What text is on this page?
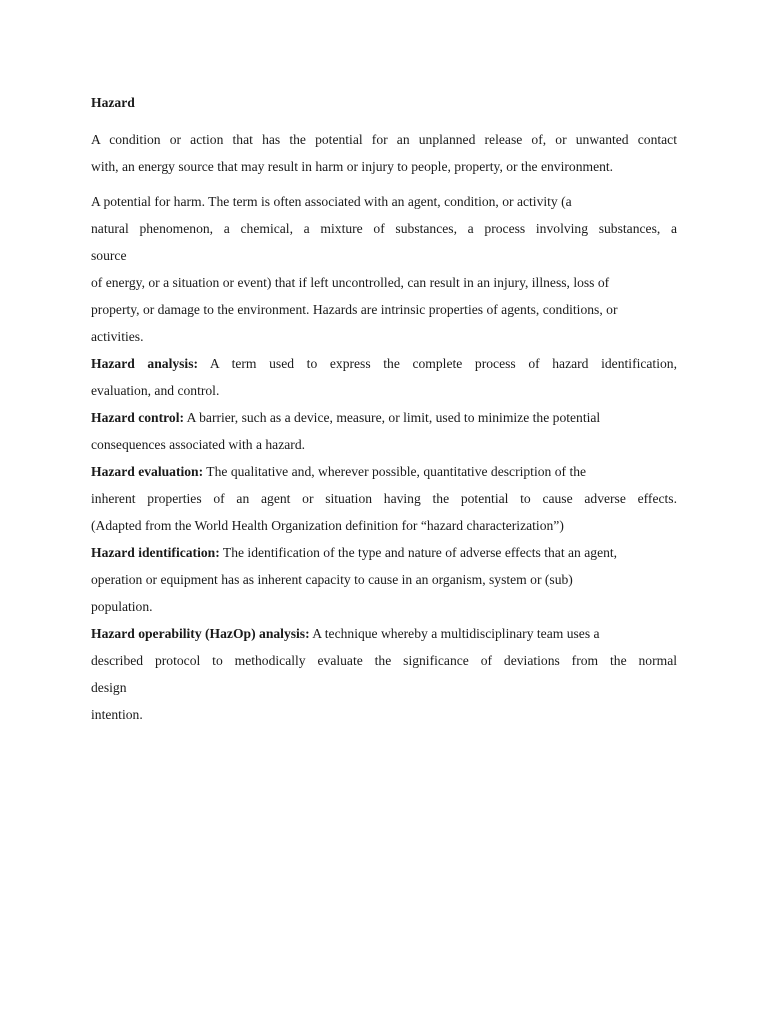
Hazard
A condition or action that has the potential for an unplanned release of, or unwanted contact
with, an energy source that may result in harm or injury to people, property, or the environment.
A potential for harm. The term is often associated with an agent, condition, or activity (a
natural phenomenon, a chemical, a mixture of substances, a process involving substances, a
source
of energy, or a situation or event) that if left uncontrolled, can result in an injury, illness, loss of
property, or damage to the environment. Hazards are intrinsic properties of agents, conditions, or
activities.
Hazard analysis: A term used to express the complete process of hazard identification,
evaluation, and control.
Hazard control: A barrier, such as a device, measure, or limit, used to minimize the potential
consequences associated with a hazard.
Hazard evaluation: The qualitative and, wherever possible, quantitative description of the
inherent properties of an agent or situation having the potential to cause adverse effects.
(Adapted from the World Health Organization definition for “hazard characterization”)
Hazard identification: The identification of the type and nature of adverse effects that an agent,
operation or equipment has as inherent capacity to cause in an organism, system or (sub)
population.
Hazard operability (HazOp) analysis: A technique whereby a multidisciplinary team uses a
described protocol to methodically evaluate the significance of deviations from the normal
design
intention.
